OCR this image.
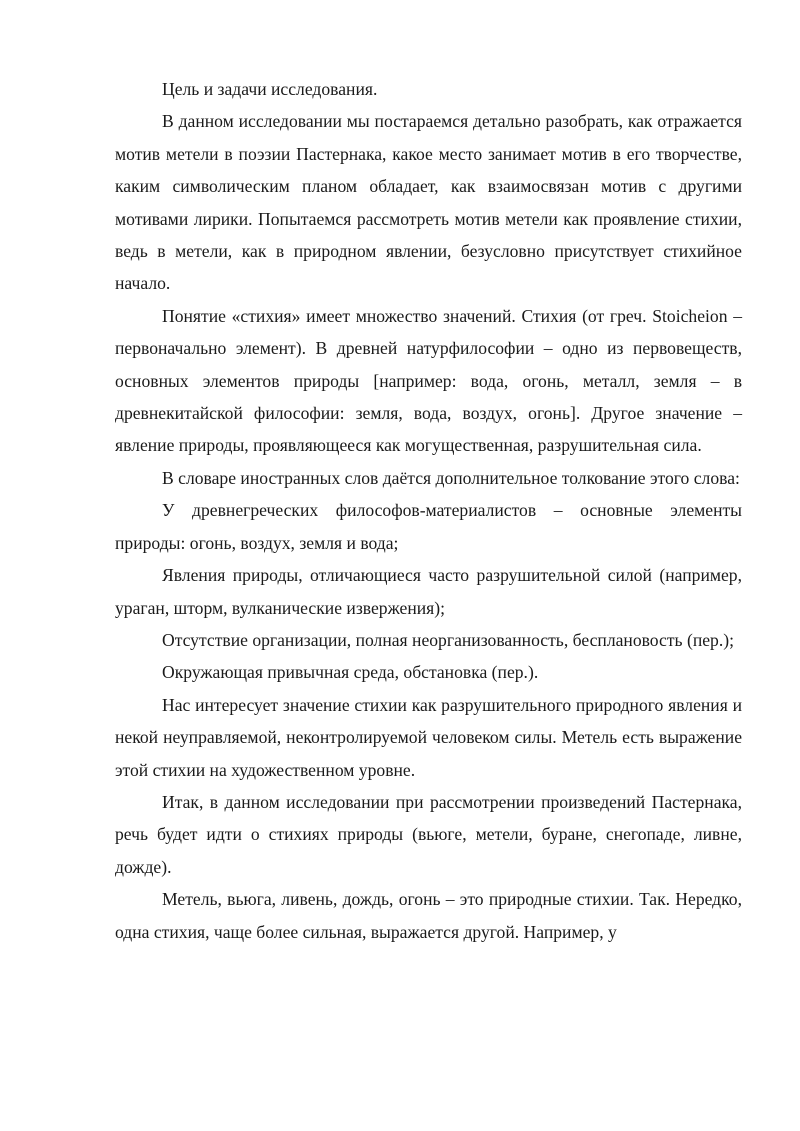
Цель и задачи исследования.

В данном исследовании мы постараемся детально разобрать, как отражается мотив метели в поэзии Пастернака, какое место занимает мотив в его творчестве, каким символическим планом обладает, как взаимосвязан мотив с другими мотивами лирики. Попытаемся рассмотреть мотив метели как проявление стихии, ведь в метели, как в природном явлении, безусловно присутствует стихийное начало.

Понятие «стихия» имеет множество значений. Стихия (от греч. Stoicheion – первоначально элемент). В древней натурфилософии – одно из первовеществ, основных элементов природы [например: вода, огонь, металл, земля – в древнекитайской философии: земля, вода, воздух, огонь]. Другое значение – явление природы, проявляющееся как могущественная, разрушительная сила.

В словаре иностранных слов даётся дополнительное толкование этого слова:

У древнегреческих философов-материалистов – основные элементы природы: огонь, воздух, земля и вода;

Явления природы, отличающиеся часто разрушительной силой (например, ураган, шторм, вулканические извержения);

Отсутствие организации, полная неорганизованность, бесплановость (пер.);

Окружающая привычная среда, обстановка (пер.).

Нас интересует значение стихии как разрушительного природного явления и некой неуправляемой, неконтролируемой человеком силы. Метель есть выражение этой стихии на художественном уровне.

Итак, в данном исследовании при рассмотрении произведений Пастернака, речь будет идти о стихиях природы (вьюге, метели, буране, снегопаде, ливне, дожде).

Метель, вьюга, ливень, дождь, огонь – это природные стихии. Так. Нередко, одна стихия, чаще более сильная, выражается другой. Например, у
